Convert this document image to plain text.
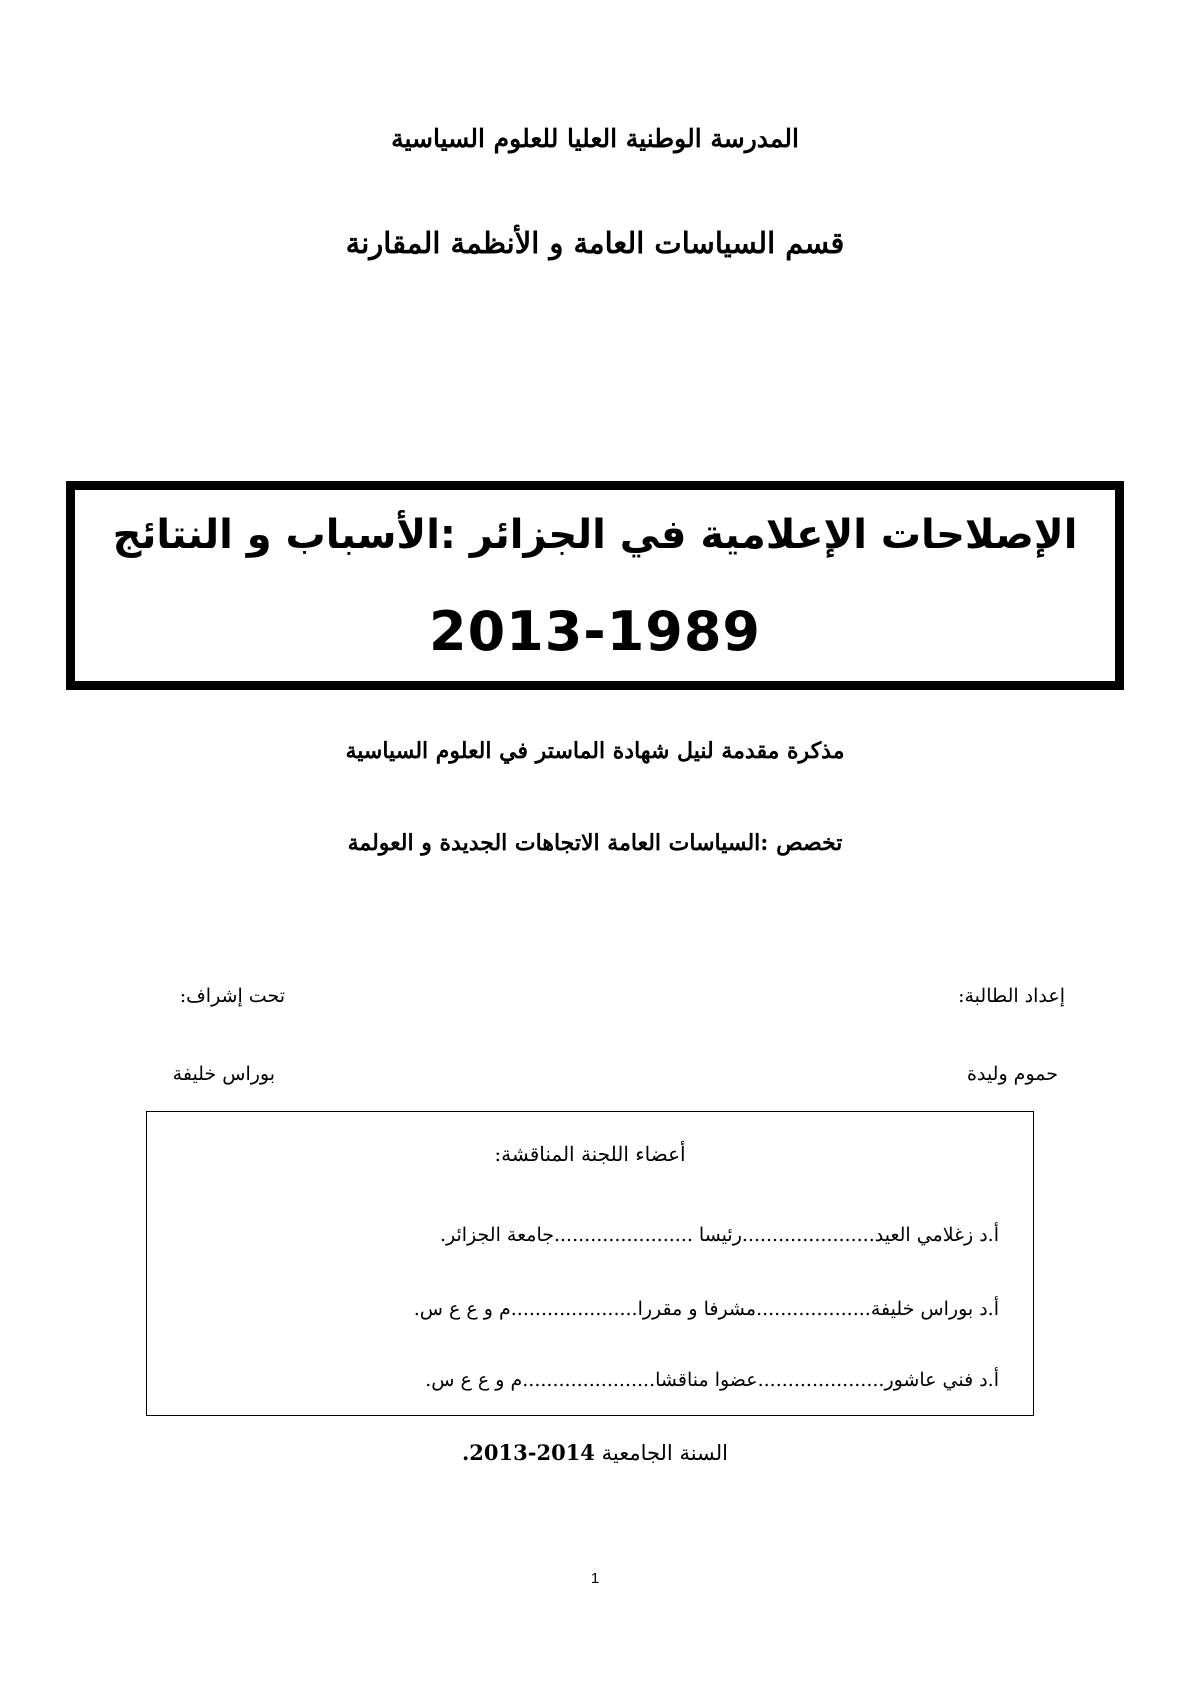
المدرسة الوطنية العليا للعلوم السياسية
قسم السياسات العامة و الأنظمة المقارنة
الإصلاحات الإعلامية في الجزائر :الأسباب و النتائج
2013-1989
مذكرة مقدمة لنيل شهادة الماستر في العلوم السياسية
تخصص :السياسات العامة الاتجاهات الجديدة و العولمة
إعداد الطالبة:
تحت إشراف:
حموم وليدة
بوراس خليفة
أعضاء اللجنة المناقشة:
أ.د زغلامي العيد......................رئيسا .......................جامعة الجزائر.
أ.د بوراس خليفة...................مشرفا و مقررا.....................م و ع ع س.
أ.د فني عاشور.....................عضوا مناقشا......................م و ع ع س.
السنة الجامعية 2014-2013.
1
